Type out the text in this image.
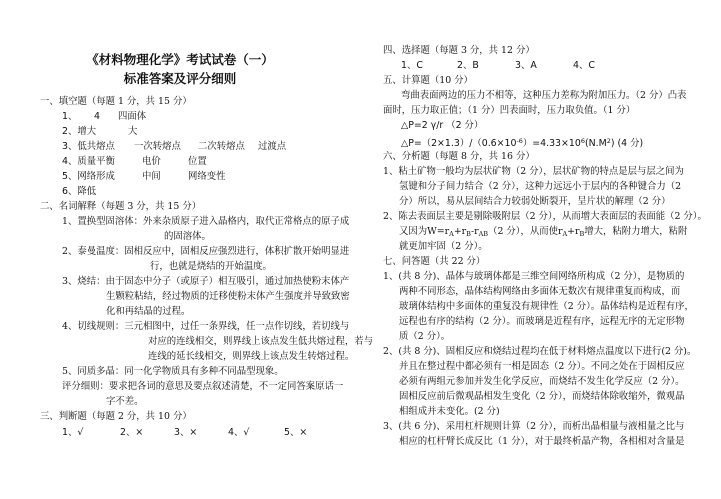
《材料物理化学》考试试卷（一）
标准答案及评分细则
一、填空题（每题 1 分，共 15 分）
1、 4 四面体
2、增大	大
3、低共熔点 一次转熔点 二次转熔点 过渡点
4、质量平衡	电价	位置
5、网络形成	中间	网络变性
6、降低
二、名词解释（每题 3 分，共 15 分）
1、置换型固溶体：外来杂质原子进入晶格内，取代正常格点的原子成
的固溶体。
2、泰曼温度：固相反应中，固相反应强烈进行，体积扩散开始明显进
行，也就是烧结的开始温度。
3、烧结：由于固态中分子（或原子）相互吸引，通过加热使粉末体产
生颗粒粘结，经过物质的迁移使粉末体产生强度并导致致密
化和再结晶的过程。
4、切线规则：三元相图中，过任一条界线，任一点作切线，若切线与
对应的连线相交，则界线上该点发生低共熔过程，若与
连线的延长线相交，则界线上该点发生转熔过程。
5、同质多晶：同一化学物质具有多种不同晶型现象。
评分细则：要求把各词的意思及要点叙述清楚，不一定同答案原话一
字不差。
三、判断题（每题 2 分，共 10 分）
1、√	2、×	3、×	4、√	5、×
四、选择题（每题 3 分，共 12 分）
1、C	2、B	3、A	4、C
五、计算题（10 分）
弯曲表面两边的压力不相等，这种压力差称为附加压力。（2 分）凸表
面时，压力取正值；（1 分）凹表面时，压力取负值。（1 分）
△P=2 γ/r （2 分）
$\triangle P=(2\times 1.3)/(0.6\times 10^{-6})=4.33\times 10^6(N.M^2)$ (4 分)
六、分析题（每题 8 分，共 16 分）
1、粘土矿物一般均为层状矿物（2 分），层状矿物的特点是层与层之间为
氢键和分子间力结合（2 分），这种力远远小于层内的各种键合力（2
分）所以，易从层间结合力较弱处断裂开，呈片状的解理（2 分）
2、陈去表面层主要是剔除吸附层（2 分），从而增大表面层的表面能（2 分）。
又因为$W=r_A+r_B-r_{AB}(2$ 分），从而使$r_A+r_B$增大，粘附力增大，粘附
就更加牢固（2 分）。
七、问答题（共 22 分）
1、(共 8 分)、晶体与玻璃体都是三维空间网络所构成（2 分），是物质的
两种不同形态，晶体结构网络由多面体无数次有规律重复而构成，而
玻璃体结构中多面体的重复没有规律性（2 分）。晶体结构是近程有序，
远程也有序的结构（2 分）。而玻璃是近程有序，远程无序的无定形物
质（2 分）。
2、(共 8 分)、固相反应和烧结过程均在低于材料熔点温度以下进行(2 分)。
并且在整过程中都必须有一相是固态（2 分）。不同之处在于固相反应
必须有两组元参加并发生化学反应，而烧结不发生化学反应（2 分）。
固相反应前后微观晶相发生变化（2 分），而烧结体除收缩外，微观晶
相组成并未变化。(2 分)
3、(共 6 分)、采用杠杆规则计算（2 分），而析出晶相量与液相量之比与
相应的杠杆臂长成反比（1 分），对于最终析晶产物，各相相对含量是
